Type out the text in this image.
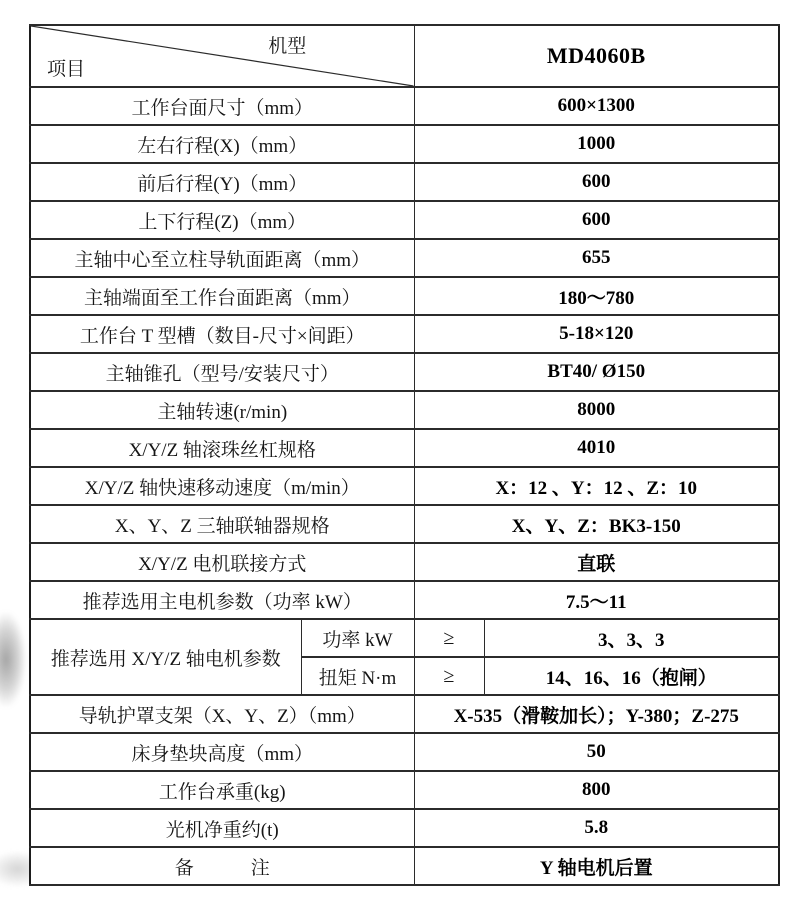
机型
项目		MD4060B	
工作台面尺寸（mm）		600×1300	
左右行程(X)（mm）		1000	
前后行程(Y)（mm）		600	
上下行程(Z)（mm）		600	
主轴中心至立柱导轨面距离（mm）		655	
主轴端面至工作台面距离（mm）		180～780	
工作台 T 型槽（数目-尺寸×间距）		5-18×120	
主轴锥孔（型号/安装尺寸）		BT40/ Ø150	
主轴转速(r/min)		8000	
X/Y/Z 轴滚珠丝杠规格		4010	
X/Y/Z 轴快速移动速度（m/min）		X：12 、Y：12 、Z：10	
X、Y、Z 三轴联轴器规格		X、Y、Z：BK3-150	
X/Y/Z 电机联接方式		直联	
推荐选用主电机参数（功率 kW）		7.5～11	
推荐选用 X/Y/Z 轴电机参数	功率 kW	≥	3、3、3
	扭矩 N·m	≥	14、16、16（抱闸）
导轨护罩支架（X、Y、Z）（mm）		X-535（滑鞍加长）；Y-380；Z-275	
床身垫块高度（mm）		50	
工作台承重(kg)		800	
光机净重约(t)		5.8	
备　　　注		Y 轴电机后置	
